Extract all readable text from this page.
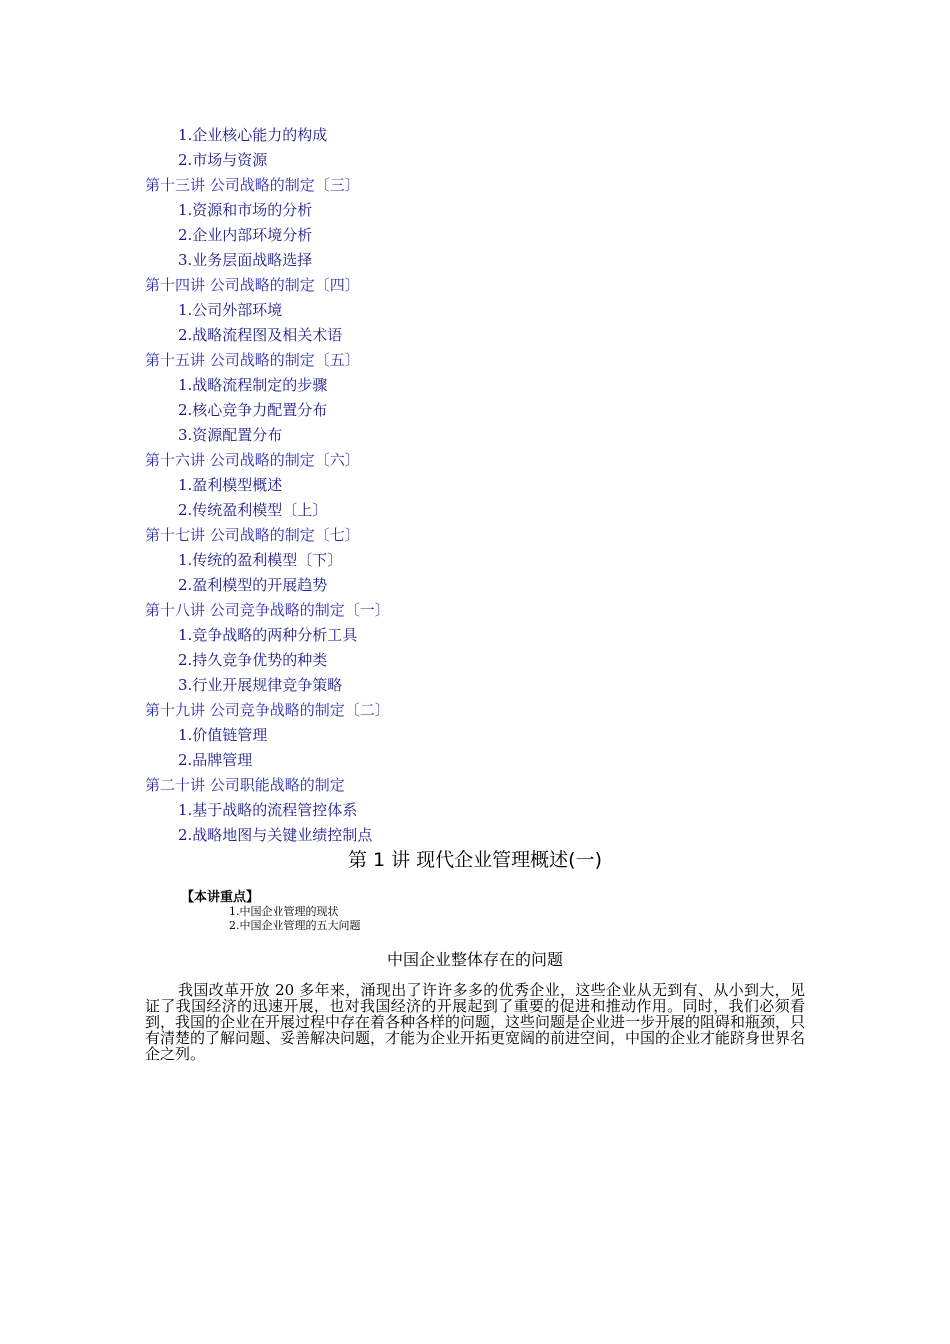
1.企业核心能力的构成
2.市场与资源
第十三讲 公司战略的制定〔三〕
1.资源和市场的分析
2.企业内部环境分析
3.业务层面战略选择
第十四讲 公司战略的制定〔四〕
1.公司外部环境
2.战略流程图及相关术语
第十五讲 公司战略的制定〔五〕
1.战略流程制定的步骤
2.核心竞争力配置分布
3.资源配置分布
第十六讲 公司战略的制定〔六〕
1.盈利模型概述
2.传统盈利模型〔上〕
第十七讲 公司战略的制定〔七〕
1.传统的盈利模型〔下〕
2.盈利模型的开展趋势
第十八讲 公司竞争战略的制定〔一〕
1.竞争战略的两种分析工具
2.持久竞争优势的种类
3.行业开展规律竞争策略
第十九讲 公司竞争战略的制定〔二〕
1.价值链管理
2.品牌管理
第二十讲 公司职能战略的制定
1.基于战略的流程管控体系
2.战略地图与关键业绩控制点
第 1 讲 现代企业管理概述(一)
【本讲重点】
1.中国企业管理的现状
2.中国企业管理的五大问题
中国企业整体存在的问题
我国改革开放 20 多年来，涌现出了许许多多的优秀企业，这些企业从无到有、从小到大，见证了我国经济的迅速开展，也对我国经济的开展起到了重要的促进和推动作用。同时，我们必须看到，我国的企业在开展过程中存在着各种各样的问题，这些问题是企业进一步开展的阻碍和瓶颈，只有清楚的了解问题、妥善解决问题，才能为企业开拓更宽阔的前进空间，中国的企业才能跻身世界名企之列。
